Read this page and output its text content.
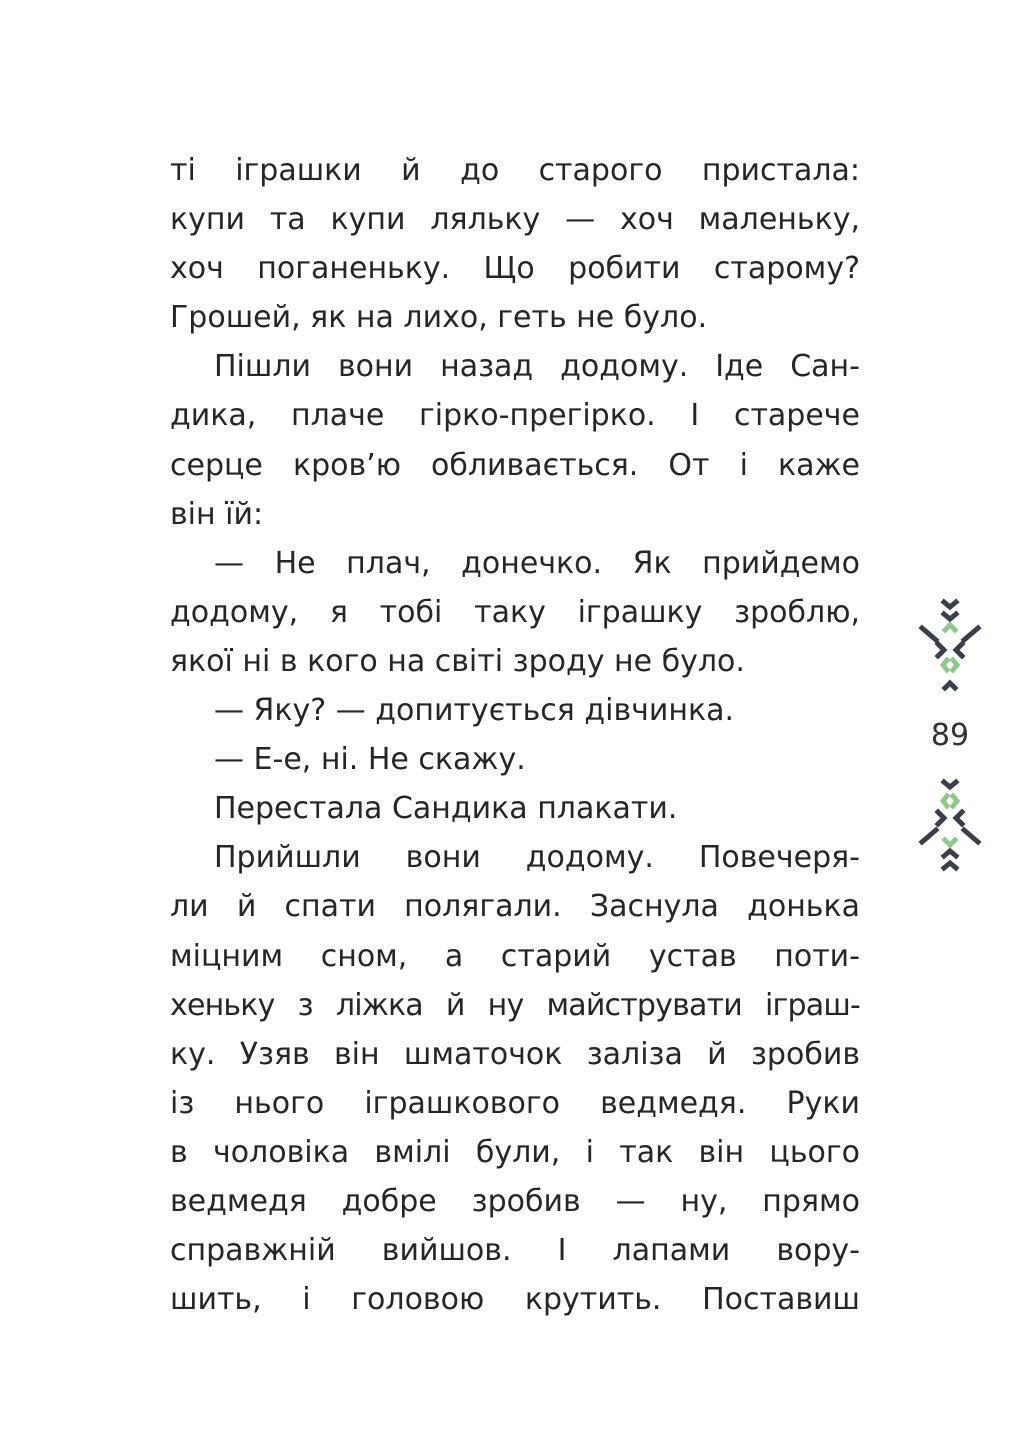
ті іграшки й до старого пристала:
купи та купи ляльку — хоч маленьку,
хоч поганеньку. Що робити старому?
Грошей, як на лихо, геть не було.
Пішли вони назад додому. Іде Сан-
дика, плаче гірко-прегірко. І старече
серце кров’ю обливається. От і каже
він їй:
— Не плач, донечко. Як прийдемо
додому, я тобі таку іграшку зроблю,
якої ні в кого на світі зроду не було.
— Яку? — допитується дівчинка.
— Е-е, ні. Не скажу.
Перестала Сандика плакати.
Прийшли вони додому. Повечеря-
ли й спати полягали. Заснула донька
міцним сном, а старий устав поти-
хеньку з ліжка й ну майструвати іграш-
ку. Узяв він шматочок заліза й зробив
із нього іграшкового ведмедя. Руки
в чоловіка вмілі були, і так він цього
ведмедя добре зробив — ну, прямо
справжній вийшов. І лапами вору-
шить, і головою крутить. Поставиш
89
